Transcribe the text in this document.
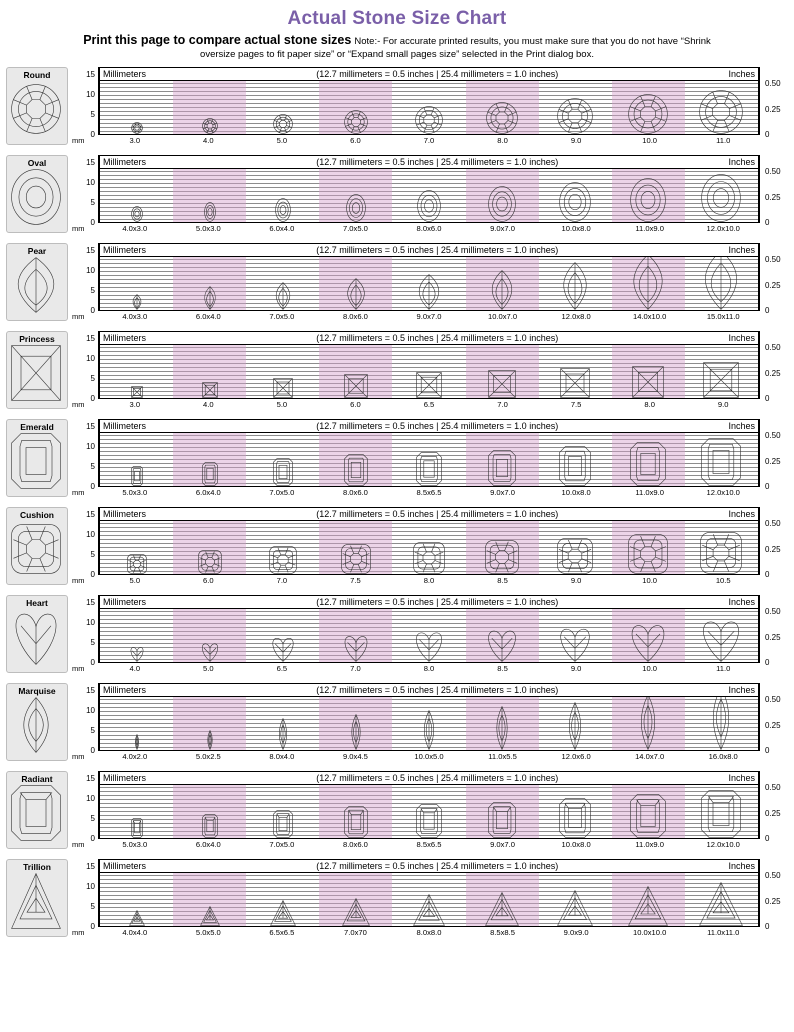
Actual Stone Size Chart
Print this page to compare actual stone sizes Note:- For accurate printed results, you must make sure that you do not have “Shrink oversize pages to fit paper size” or “Expand small pages size” selected in the Print dialog box.
Round	15
10
5
0
0.50
0.25
0
Millimeters	(12.7 millimeters = 0.5 inches | 25.4 millimeters = 1.0 inches)	Inches
3.0	4.0	5.0	6.0	7.0	8.0	9.0	10.0	11.0
mm
Oval	15
10
5
0
0.50
0.25
0
Millimeters	(12.7 millimeters = 0.5 inches | 25.4 millimeters = 1.0 inches)	Inches
4.0x3.0	5.0x3.0	6.0x4.0	7.0x5.0	8.0x6.0	9.0x7.0	10.0x8.0	11.0x9.0	12.0x10.0
mm
Pear	15
10
5
0
0.50
0.25
0
Millimeters	(12.7 millimeters = 0.5 inches | 25.4 millimeters = 1.0 inches)	Inches
4.0x3.0	6.0x4.0	7.0x5.0	8.0x6.0	9.0x7.0	10.0x7.0	12.0x8.0	14.0x10.0	15.0x11.0
mm
Princess	15
10
5
0
0.50
0.25
0
Millimeters	(12.7 millimeters = 0.5 inches | 25.4 millimeters = 1.0 inches)	Inches
3.0	4.0	5.0	6.0	6.5	7.0	7.5	8.0	9.0
mm
Emerald	15
10
5
0
0.50
0.25
0
Millimeters	(12.7 millimeters = 0.5 inches | 25.4 millimeters = 1.0 inches)	Inches
5.0x3.0	6.0x4.0	7.0x5.0	8.0x6.0	8.5x6.5	9.0x7.0	10.0x8.0	11.0x9.0	12.0x10.0
mm
Cushion	15
10
5
0
0.50
0.25
0
Millimeters	(12.7 millimeters = 0.5 inches | 25.4 millimeters = 1.0 inches)	Inches
5.0	6.0	7.0	7.5	8.0	8.5	9.0	10.0	10.5
mm
Heart	15
10
5
0
0.50
0.25
0
Millimeters	(12.7 millimeters = 0.5 inches | 25.4 millimeters = 1.0 inches)	Inches
4.0	5.0	6.5	7.0	8.0	8.5	9.0	10.0	11.0
mm
Marquise	15
10
5
0
0.50
0.25
0
Millimeters	(12.7 millimeters = 0.5 inches | 25.4 millimeters = 1.0 inches)	Inches
4.0x2.0	5.0x2.5	8.0x4.0	9.0x4.5	10.0x5.0	11.0x5.5	12.0x6.0	14.0x7.0	16.0x8.0
mm
Radiant	15
10
5
0
0.50
0.25
0
Millimeters	(12.7 millimeters = 0.5 inches | 25.4 millimeters = 1.0 inches)	Inches
5.0x3.0	6.0x4.0	7.0x5.0	8.0x6.0	8.5x6.5	9.0x7.0	10.0x8.0	11.0x9.0	12.0x10.0
mm
Trillion	15
10
5
0
0.50
0.25
0
Millimeters	(12.7 millimeters = 0.5 inches | 25.4 millimeters = 1.0 inches)	Inches
4.0x4.0	5.0x5.0	6.5x6.5	7.0x70	8.0x8.0	8.5x8.5	9.0x9.0	10.0x10.0	11.0x11.0
mm
